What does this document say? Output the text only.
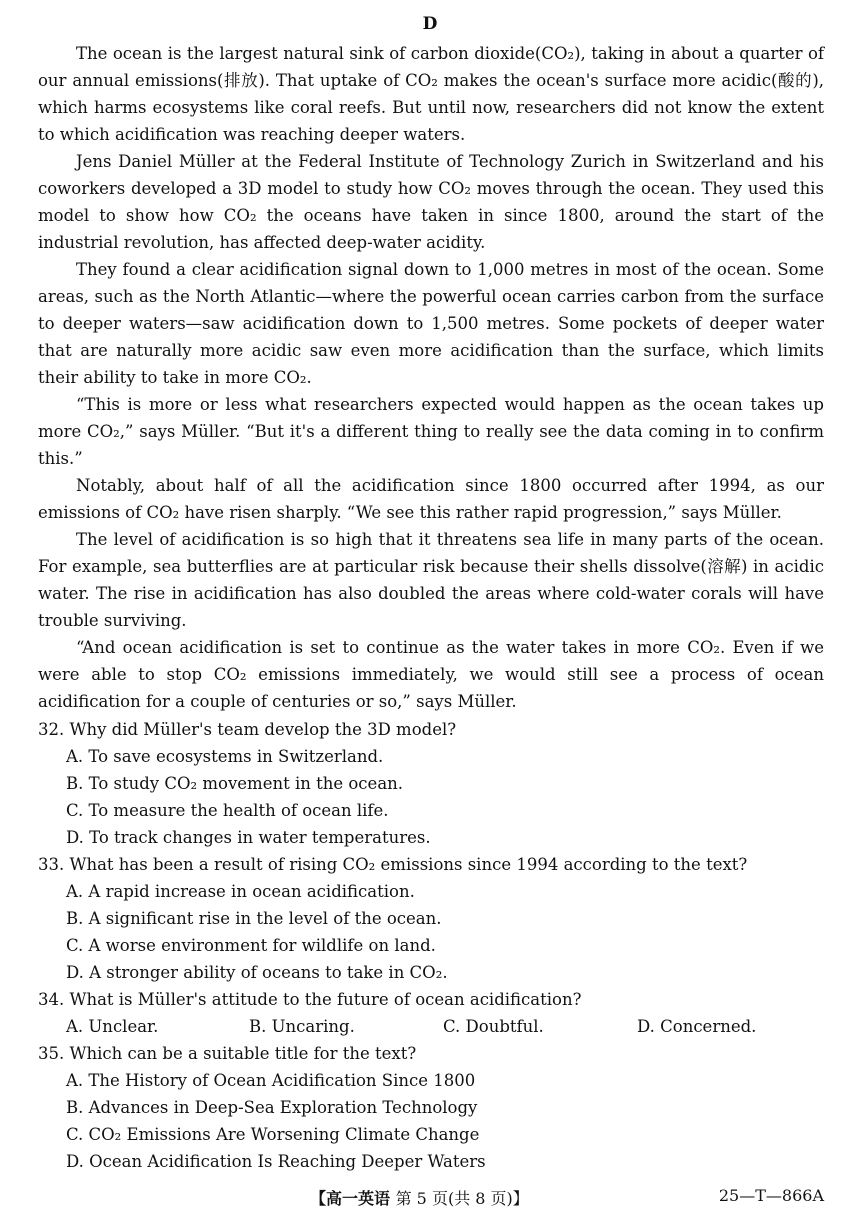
D

The ocean is the largest natural sink of carbon dioxide(CO₂), taking in about a quarter of our annual emissions(排放). That uptake of CO₂ makes the ocean's surface more acidic(酸的), which harms ecosystems like coral reefs. But until now, researchers did not know the extent to which acidification was reaching deeper waters.

Jens Daniel Müller at the Federal Institute of Technology Zurich in Switzerland and his coworkers developed a 3D model to study how CO₂ moves through the ocean. They used this model to show how CO₂ the oceans have taken in since 1800, around the start of the industrial revolution, has affected deep-water acidity.

They found a clear acidification signal down to 1,000 metres in most of the ocean. Some areas, such as the North Atlantic—where the powerful ocean carries carbon from the surface to deeper waters—saw acidification down to 1,500 metres. Some pockets of deeper water that are naturally more acidic saw even more acidification than the surface, which limits their ability to take in more CO₂.

“This is more or less what researchers expected would happen as the ocean takes up more CO₂,” says Müller. “But it's a different thing to really see the data coming in to confirm this.”

Notably, about half of all the acidification since 1800 occurred after 1994, as our emissions of CO₂ have risen sharply. “We see this rather rapid progression,” says Müller.

The level of acidification is so high that it threatens sea life in many parts of the ocean. For example, sea butterflies are at particular risk because their shells dissolve(溶解) in acidic water. The rise in acidification has also doubled the areas where cold-water corals will have trouble surviving.

“And ocean acidification is set to continue as the water takes in more CO₂. Even if we were able to stop CO₂ emissions immediately, we would still see a process of ocean acidification for a couple of centuries or so,” says Müller.

32. Why did Müller's team develop the 3D model?

A. To save ecosystems in Switzerland.

B. To study CO₂ movement in the ocean.

C. To measure the health of ocean life.

D. To track changes in water temperatures.

33. What has been a result of rising CO₂ emissions since 1994 according to the text?

A. A rapid increase in ocean acidification.

B. A significant rise in the level of the ocean.

C. A worse environment for wildlife on land.

D. A stronger ability of oceans to take in CO₂.

34. What is Müller's attitude to the future of ocean acidification?

A. Unclear.	B. Uncaring.	C. Doubtful.	D. Concerned.

35. Which can be a suitable title for the text?

A. The History of Ocean Acidification Since 1800

B. Advances in Deep-Sea Exploration Technology

C. CO₂ Emissions Are Worsening Climate Change

D. Ocean Acidification Is Reaching Deeper Waters

【高一英语 第 5 页(共 8 页)】	25—T—866A
